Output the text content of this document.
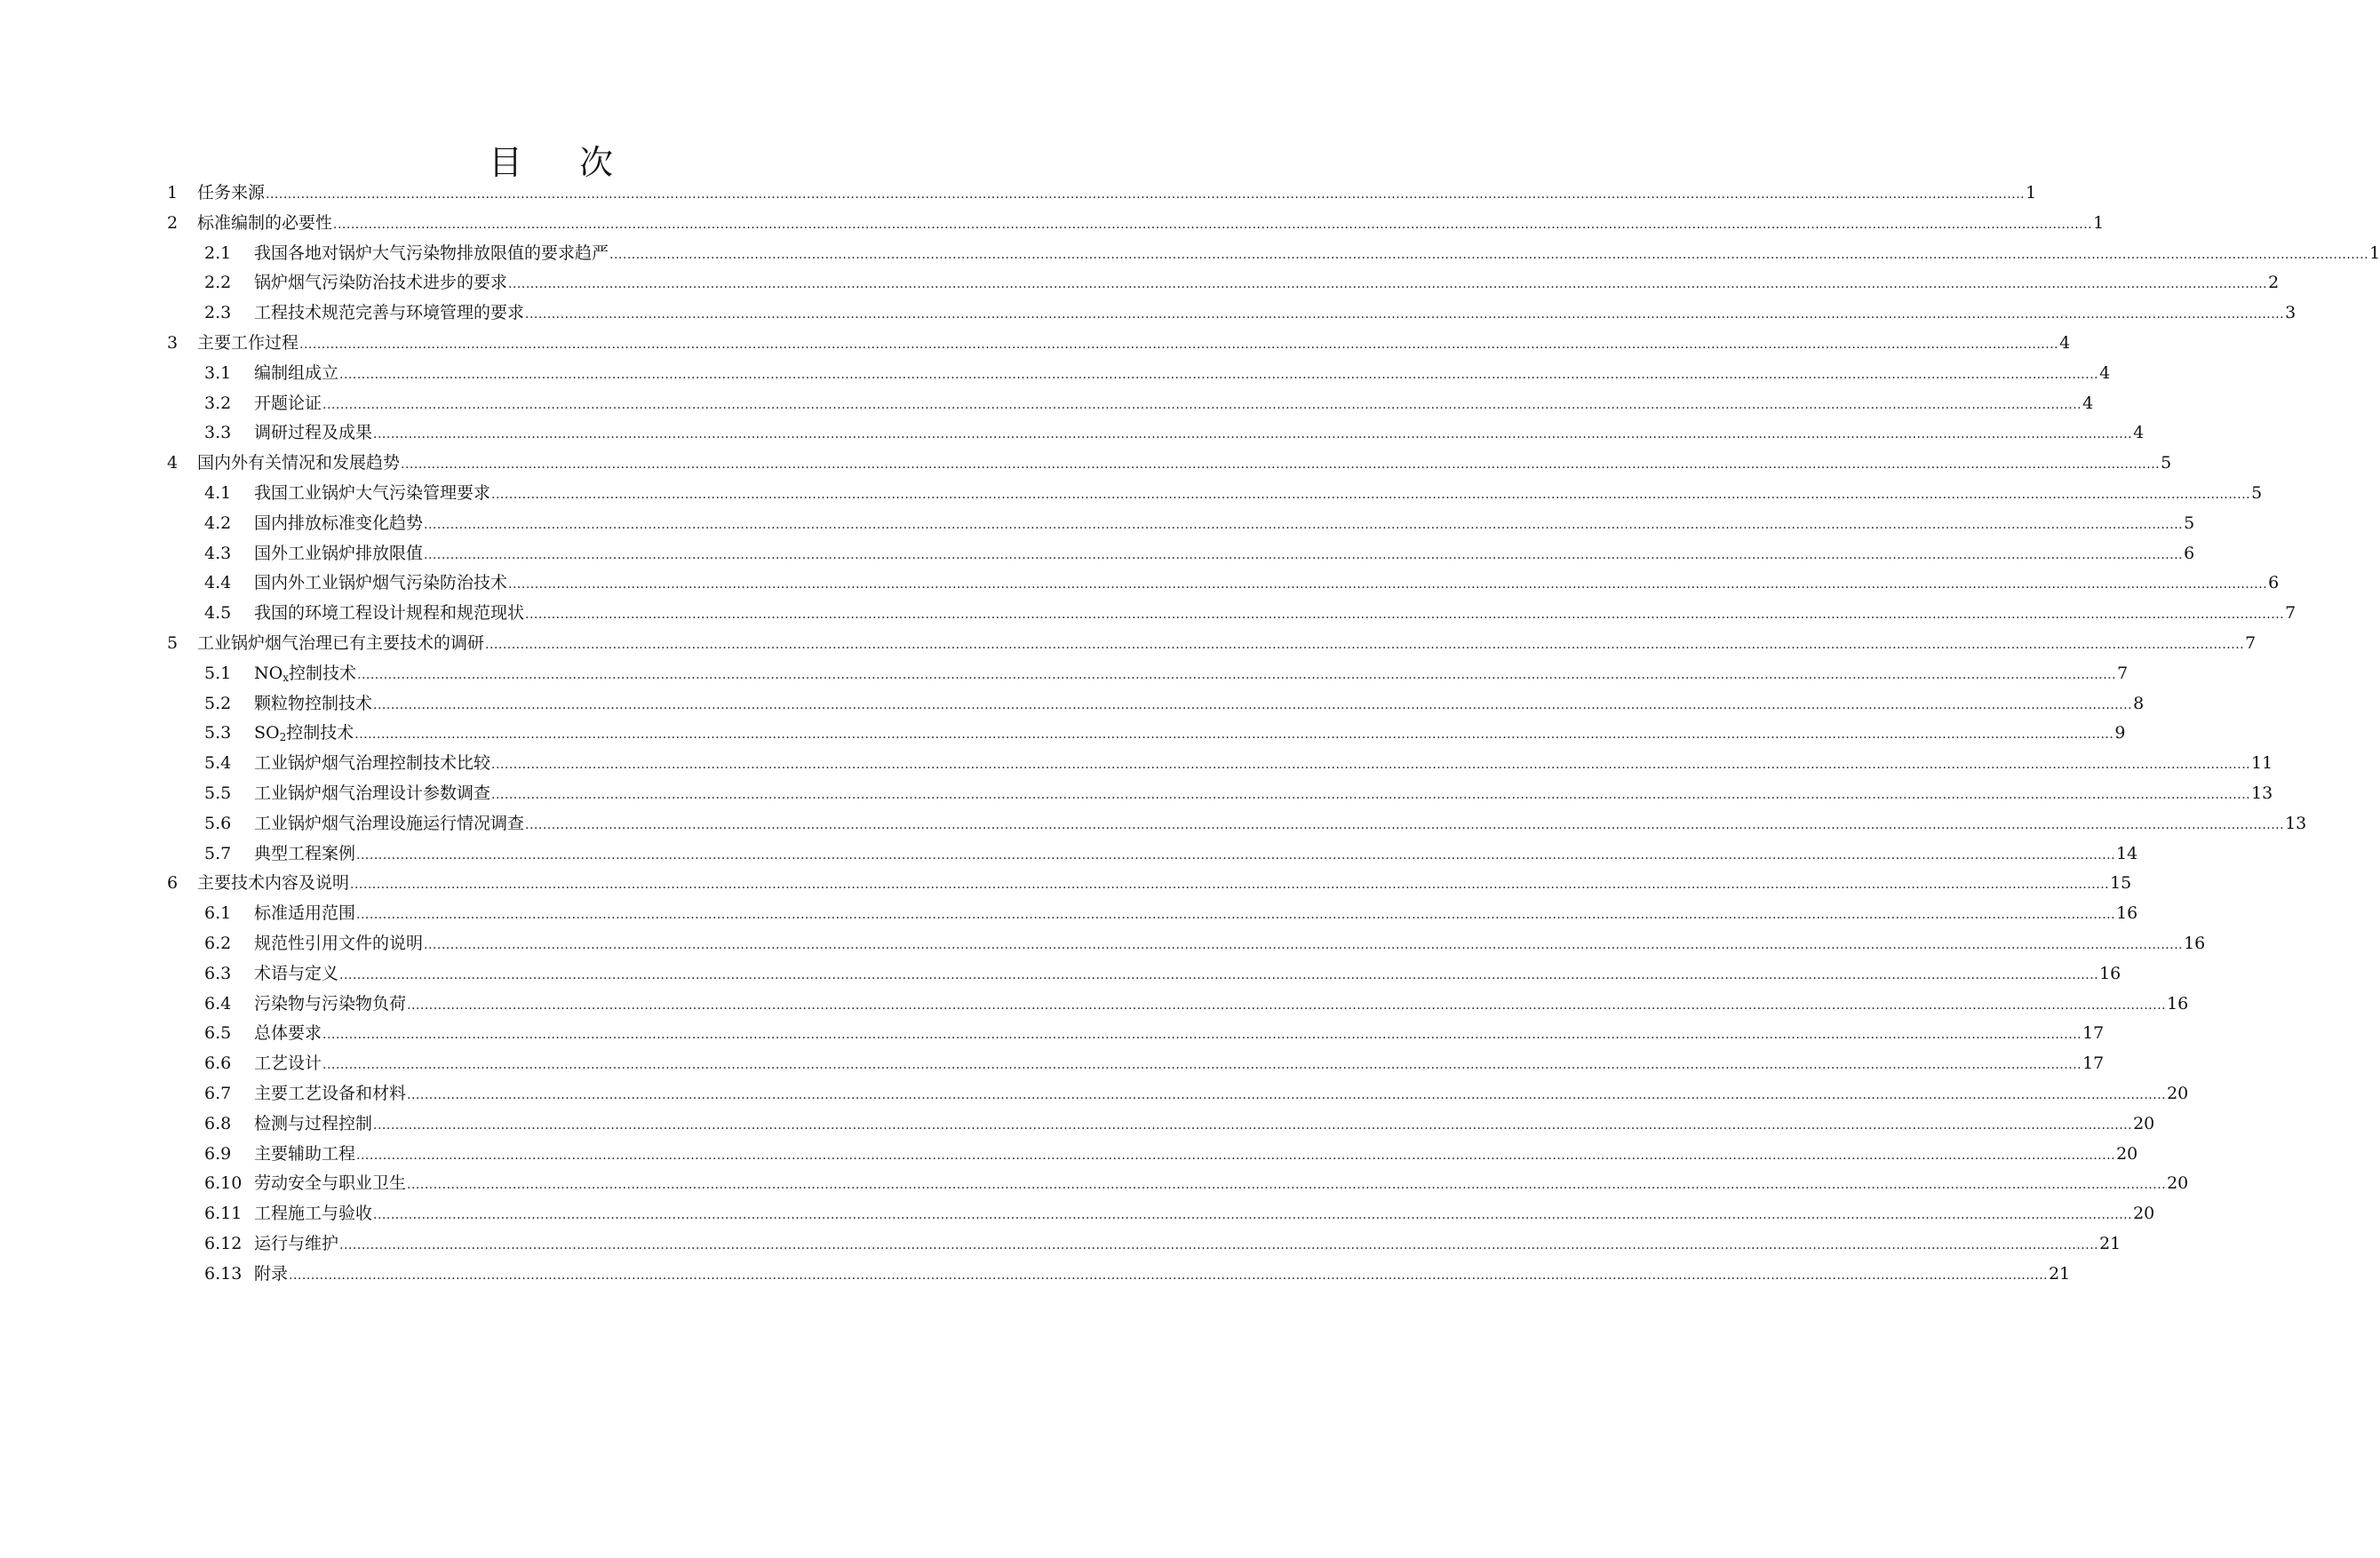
目 次
1 任务来源 ................................................................................................................................................................................................................................................................................................................................................................................................................ 1
2 标准编制的必要性 ................................................................................................................................................................................................................................................................................................................................................................................................................ 1
2.1 我国各地对锅炉大气污染物排放限值的要求趋严 ................................................................................................................................................................................................................................................................................................................................................................................................................ 1
2.2 锅炉烟气污染防治技术进步的要求 ................................................................................................................................................................................................................................................................................................................................................................................................................ 2
2.3 工程技术规范完善与环境管理的要求 ................................................................................................................................................................................................................................................................................................................................................................................................................ 3
3 主要工作过程 ................................................................................................................................................................................................................................................................................................................................................................................................................ 4
3.1 编制组成立 ................................................................................................................................................................................................................................................................................................................................................................................................................ 4
3.2 开题论证 ................................................................................................................................................................................................................................................................................................................................................................................................................ 4
3.3 调研过程及成果 ................................................................................................................................................................................................................................................................................................................................................................................................................ 4
4 国内外有关情况和发展趋势 ................................................................................................................................................................................................................................................................................................................................................................................................................ 5
4.1 我国工业锅炉大气污染管理要求 ................................................................................................................................................................................................................................................................................................................................................................................................................ 5
4.2 国内排放标准变化趋势 ................................................................................................................................................................................................................................................................................................................................................................................................................ 5
4.3 国外工业锅炉排放限值 ................................................................................................................................................................................................................................................................................................................................................................................................................ 6
4.4 国内外工业锅炉烟气污染防治技术 ................................................................................................................................................................................................................................................................................................................................................................................................................ 6
4.5 我国的环境工程设计规程和规范现状 ................................................................................................................................................................................................................................................................................................................................................................................................................ 7
5 工业锅炉烟气治理已有主要技术的调研 ................................................................................................................................................................................................................................................................................................................................................................................................................ 7
5.1 $NO_x$控制技术 ................................................................................................................................................................................................................................................................................................................................................................................................................ 7
5.2 颗粒物控制技术 ................................................................................................................................................................................................................................................................................................................................................................................................................ 8
5.3 $SO_2$控制技术 ................................................................................................................................................................................................................................................................................................................................................................................................................ 9
5.4 工业锅炉烟气治理控制技术比较 ................................................................................................................................................................................................................................................................................................................................................................................................................ 11
5.5 工业锅炉烟气治理设计参数调查 ................................................................................................................................................................................................................................................................................................................................................................................................................ 13
5.6 工业锅炉烟气治理设施运行情况调查 ................................................................................................................................................................................................................................................................................................................................................................................................................ 13
5.7 典型工程案例 ................................................................................................................................................................................................................................................................................................................................................................................................................ 14
6 主要技术内容及说明 ................................................................................................................................................................................................................................................................................................................................................................................................................ 15
6.1 标准适用范围 ................................................................................................................................................................................................................................................................................................................................................................................................................ 16
6.2 规范性引用文件的说明 ................................................................................................................................................................................................................................................................................................................................................................................................................ 16
6.3 术语与定义 ................................................................................................................................................................................................................................................................................................................................................................................................................ 16
6.4 污染物与污染物负荷 ................................................................................................................................................................................................................................................................................................................................................................................................................ 16
6.5 总体要求 ................................................................................................................................................................................................................................................................................................................................................................................................................ 17
6.6 工艺设计 ................................................................................................................................................................................................................................................................................................................................................................................................................ 17
6.7 主要工艺设备和材料 ................................................................................................................................................................................................................................................................................................................................................................................................................ 20
6.8 检测与过程控制 ................................................................................................................................................................................................................................................................................................................................................................................................................ 20
6.9 主要辅助工程 ................................................................................................................................................................................................................................................................................................................................................................................................................ 20
6.10 劳动安全与职业卫生 ................................................................................................................................................................................................................................................................................................................................................................................................................ 20
6.11 工程施工与验收 ................................................................................................................................................................................................................................................................................................................................................................................................................ 20
6.12 运行与维护 ................................................................................................................................................................................................................................................................................................................................................................................................................ 21
6.13 附录 ................................................................................................................................................................................................................................................................................................................................................................................................................ 21
